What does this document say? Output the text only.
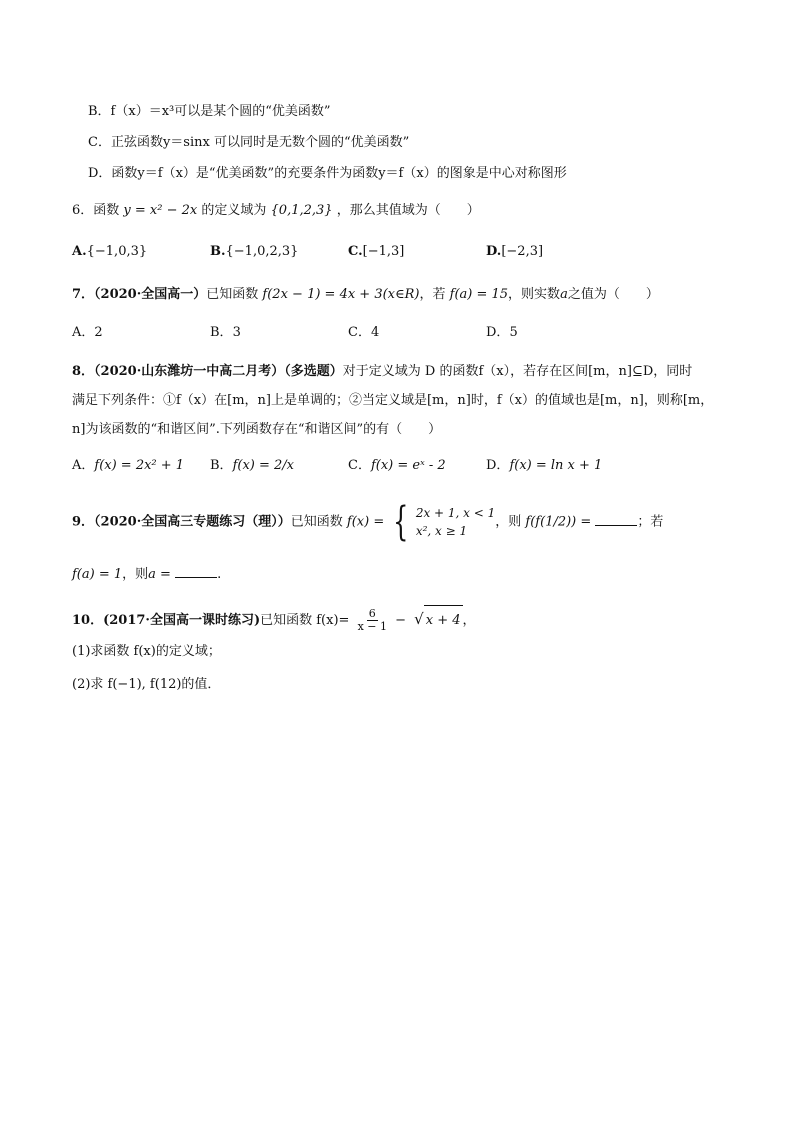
B．f（x）＝x³可以是某个圆的“优美函数”
C．正弦函数y＝sinx 可以同时是无数个圆的“优美函数”
D．函数y＝f（x）是“优美函数”的充要条件为函数y＝f（x）的图象是中心对称图形
6．函数 y = x² − 2x 的定义域为 {0,1,2,3} ，那么其值域为（　　）
A.{−1,0,3}	B.{−1,0,2,3}	C.[−1,3]	D.[−2,3]
7．（2020·全国高一）已知函数 f(2x − 1) = 4x + 3(x∈R)，若 f(a) = 15，则实数a之值为（　　）
A．2	B．3	C．4	D．5
8．（2020·山东潍坊一中高二月考）（多选题）对于定义域为 D 的函数f（x），若存在区间[m，n]⊆D，同时
满足下列条件：①f（x）在[m，n]上是单调的；②当定义域是[m，n]时，f（x）的值域也是[m，n]，则称[m，
n]为该函数的“和谐区间”.下列函数存在“和谐区间”的有（　　）
A．f(x) = 2x² + 1 B．f(x) = 2/x	C．f(x) = eˣ - 2	D．f(x) = ln x + 1
9．（2020·全国高三专题练习（理））已知函数 f(x) = { 2x + 1, x < 1
x², x ≥ 1
，则 f(f(1/2)) =	；若
f(a) = 1，则a =	.
10．(2017·全国高一课时练习)已知函数 $f(x)= \frac{6}{x - 1}$ − √ x + 4 ，
(1)求函数 f(x)的定义域；
(2)求 f(−1), f(12)的值．
